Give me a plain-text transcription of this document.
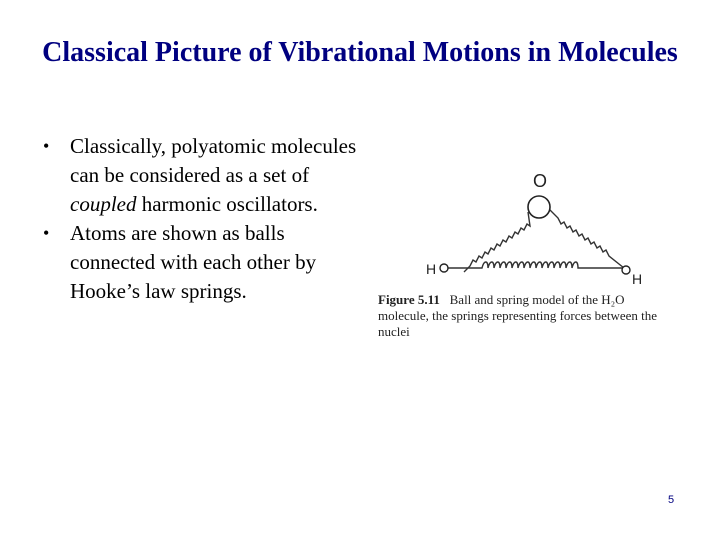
Classical Picture of Vibrational Motions in Molecules
• Classically, polyatomic molecules can be considered as a set of coupled harmonic oscillators.
• Atoms are shown as balls connected with each other by Hooke’s law springs.
O
H
H
Figure 5.11 Ball and spring model of the H₂O
molecule, the springs representing forces between the
nuclei
5
